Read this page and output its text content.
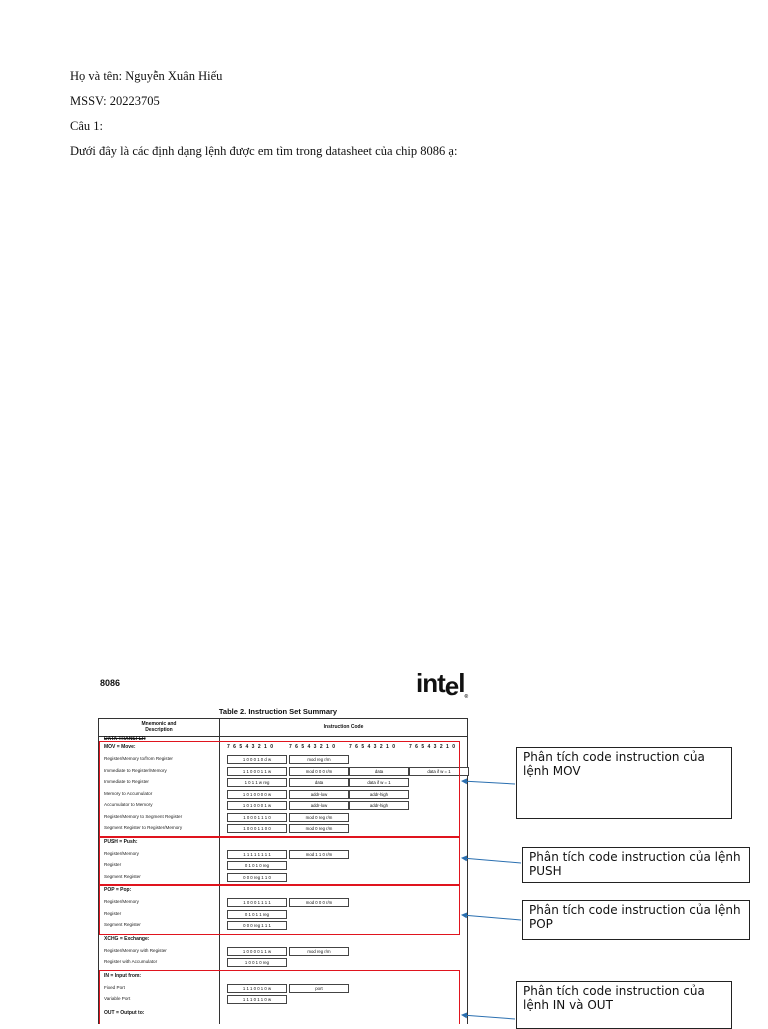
Họ và tên: Nguyễn Xuân Hiếu
MSSV: 20223705
Câu 1:
Dưới đây là các định dạng lệnh được em tìm trong datasheet của chip 8086 ạ:
8086	intel$_®$
Table 2. Instruction Set Summary
Mnemonic and
Description	Instruction Code
DATA TRANSFER
MOV = Move:	7 6 5 4 3 2 1 0	7 6 5 4 3 2 1 0	7 6 5 4 3 2 1 0	7 6 5 4 3 2 1 0
Register/Memory to/from Register	1 0 0 0 1 0 d w	mod reg r/m
Immediate to Register/Memory	1 1 0 0 0 1 1 w	mod 0 0 0 r/m	data	data if w = 1
Immediate to Register	1 0 1 1 w reg	data	data if w = 1
Memory to Accumulator	1 0 1 0 0 0 0 w	addr-low	addr-high
Accumulator to Memory	1 0 1 0 0 0 1 w	addr-low	addr-high
Register/Memory to Segment Register	1 0 0 0 1 1 1 0	mod 0 reg r/m
Segment Register to Register/Memory	1 0 0 0 1 1 0 0	mod 0 reg r/m
PUSH = Push:
Register/Memory	1 1 1 1 1 1 1 1	mod 1 1 0 r/m
Register	0 1 0 1 0 reg
Segment Register	0 0 0 reg 1 1 0
POP = Pop:
Register/Memory	1 0 0 0 1 1 1 1	mod 0 0 0 r/m
Register	0 1 0 1 1 reg
Segment Register	0 0 0 reg 1 1 1
XCHG = Exchange:
Register/Memory with Register	1 0 0 0 0 1 1 w	mod reg r/m
Register with Accumulator	1 0 0 1 0 reg
IN = Input from:
Fixed Port	1 1 1 0 0 1 0 w	port
Variable Port	1 1 1 0 1 1 0 w
OUT = Output to:
Phân tích code instruction của lệnh MOV
Phân tích code instruction của lệnh PUSH
Phân tích code instruction của lệnh POP
Phân tích code instruction của lệnh IN và OUT
